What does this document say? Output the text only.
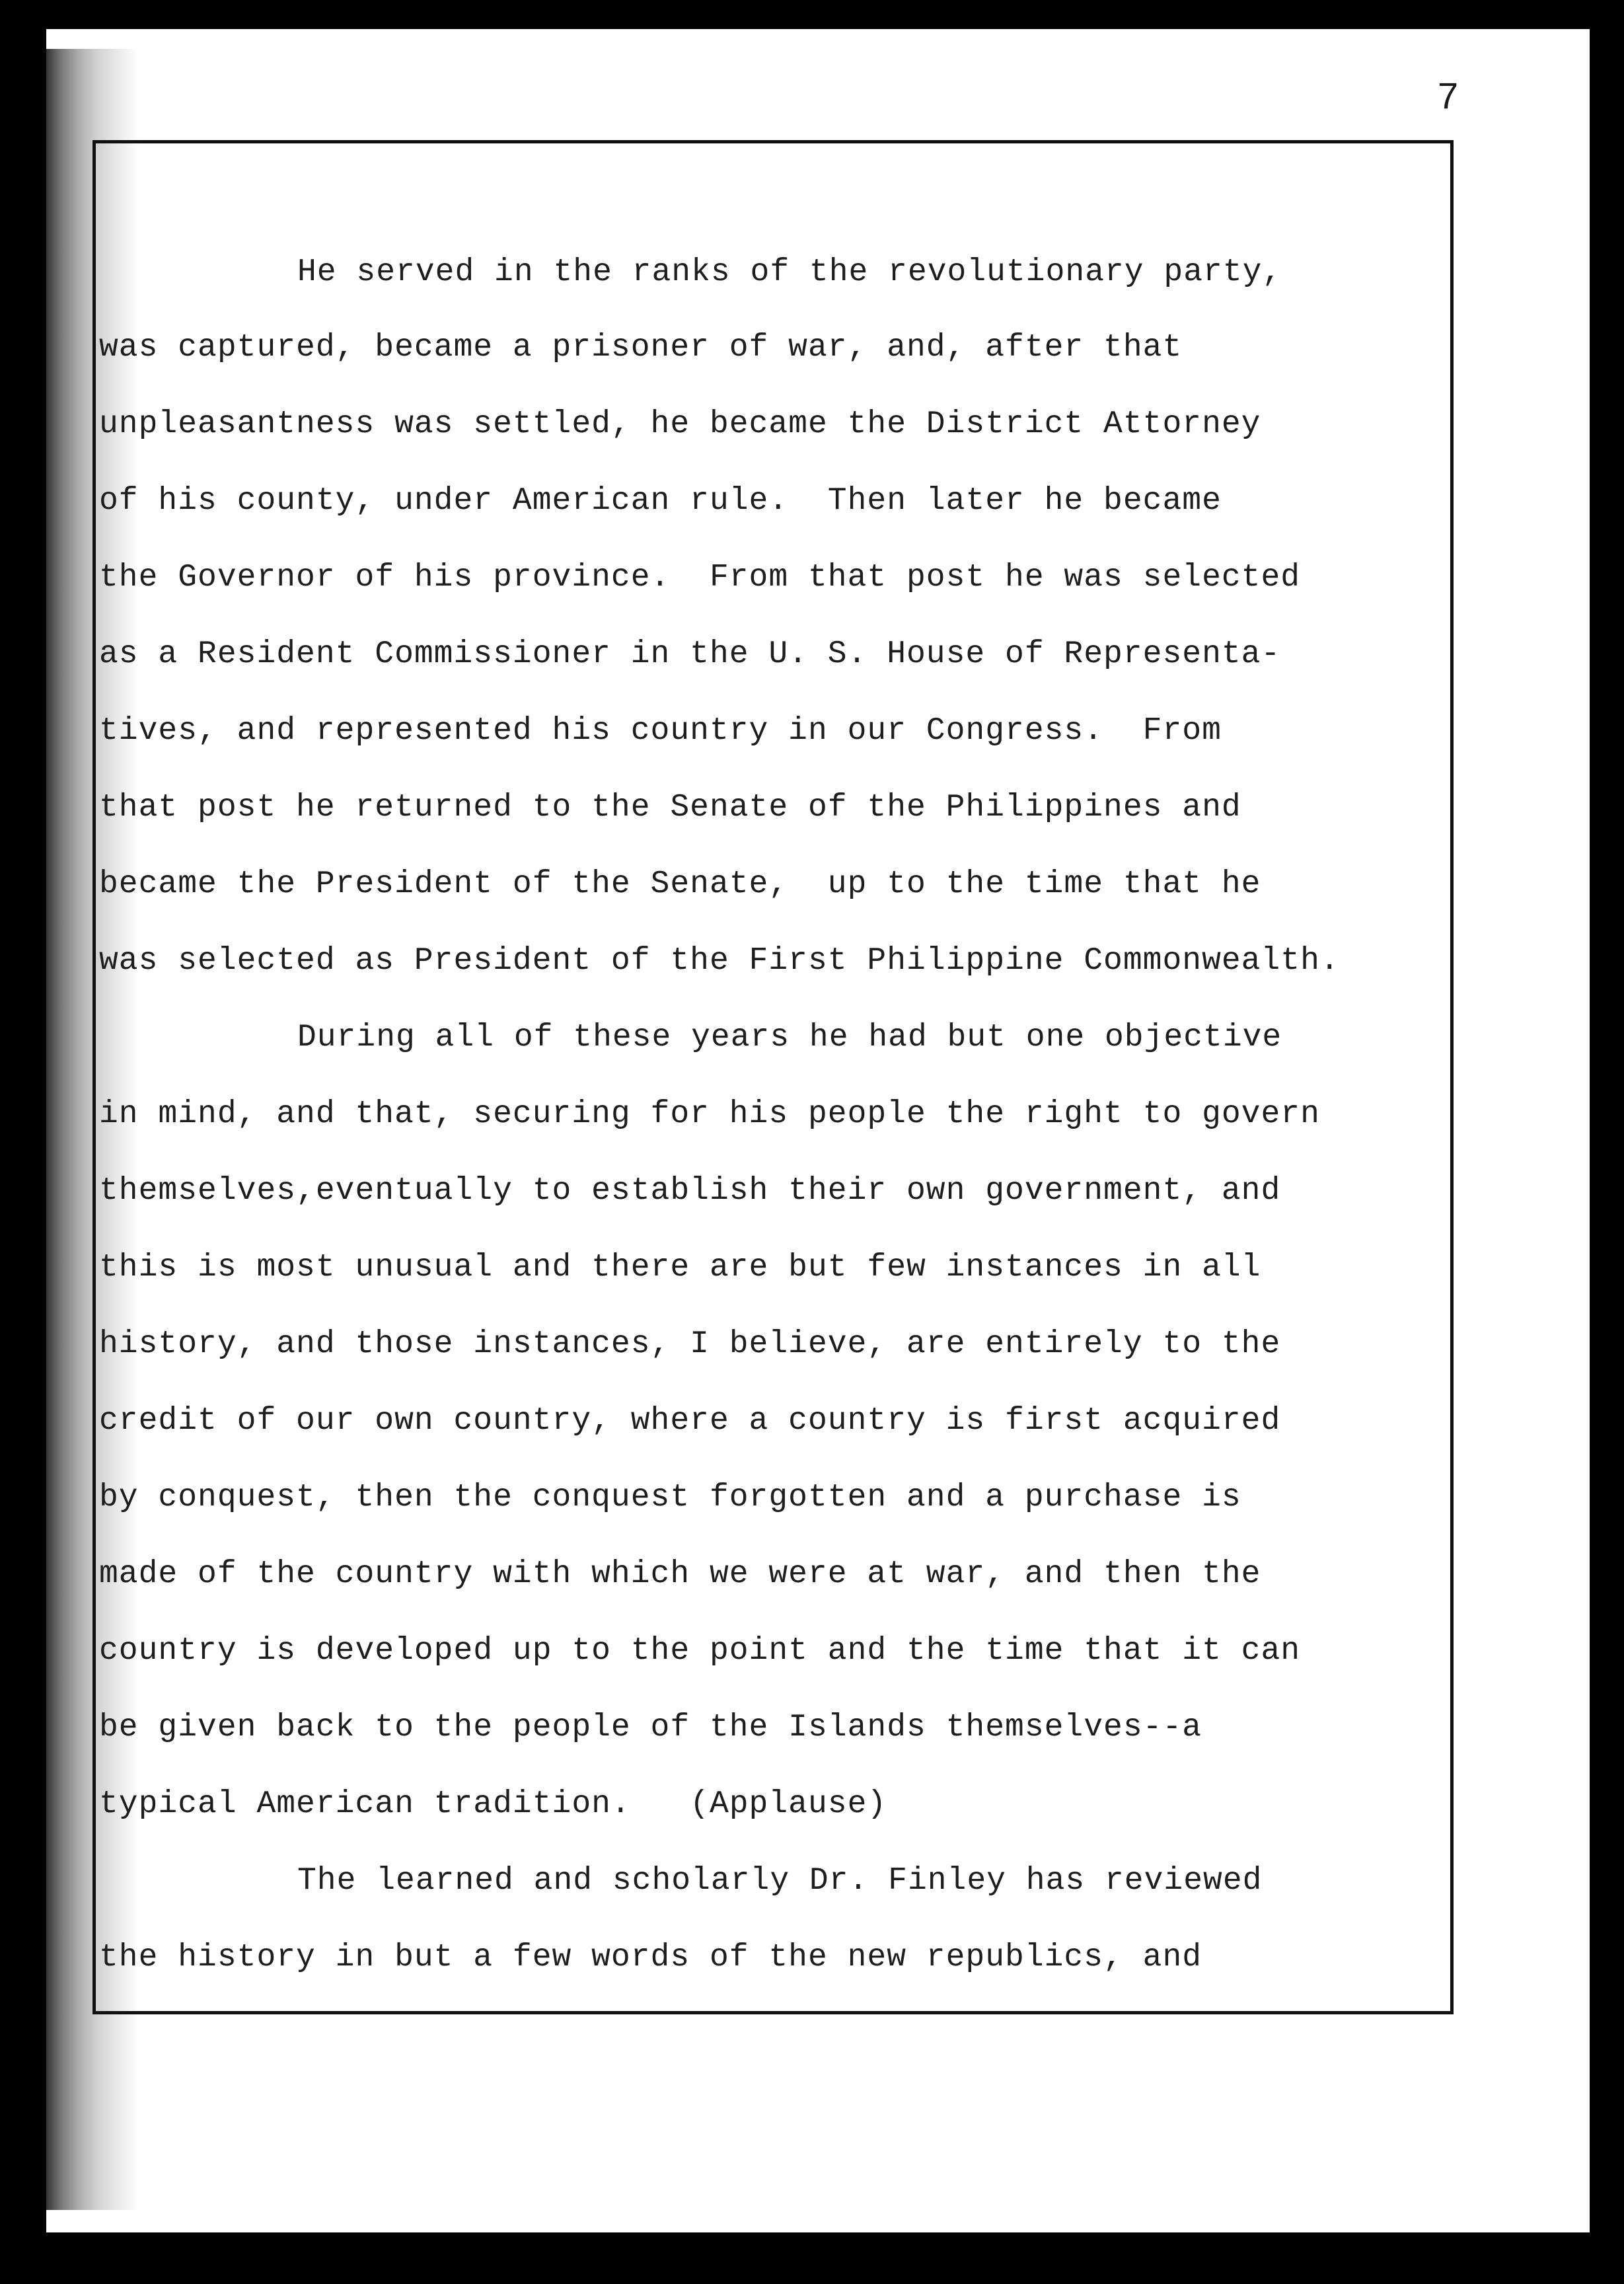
7

He served in the ranks of the revolutionary party,

was captured, became a prisoner of war, and, after that

unpleasantness was settled, he became the District Attorney

of his county, under American rule.  Then later he became

the Governor of his province.  From that post he was selected

as a Resident Commissioner in the U. S. House of Representa-

tives, and represented his country in our Congress.  From

that post he returned to the Senate of the Philippines and

became the President of the Senate,  up to the time that he

was selected as President of the First Philippine Commonwealth.

During all of these years he had but one objective

in mind, and that, securing for his people the right to govern

themselves,eventually to establish their own government, and

this is most unusual and there are but few instances in all

history, and those instances, I believe, are entirely to the

credit of our own country, where a country is first acquired

by conquest, then the conquest forgotten and a purchase is

made of the country with which we were at war, and then the

country is developed up to the point and the time that it can

be given back to the people of the Islands themselves--a

typical American tradition.   (Applause)

The learned and scholarly Dr. Finley has reviewed

the history in but a few words of the new republics, and
